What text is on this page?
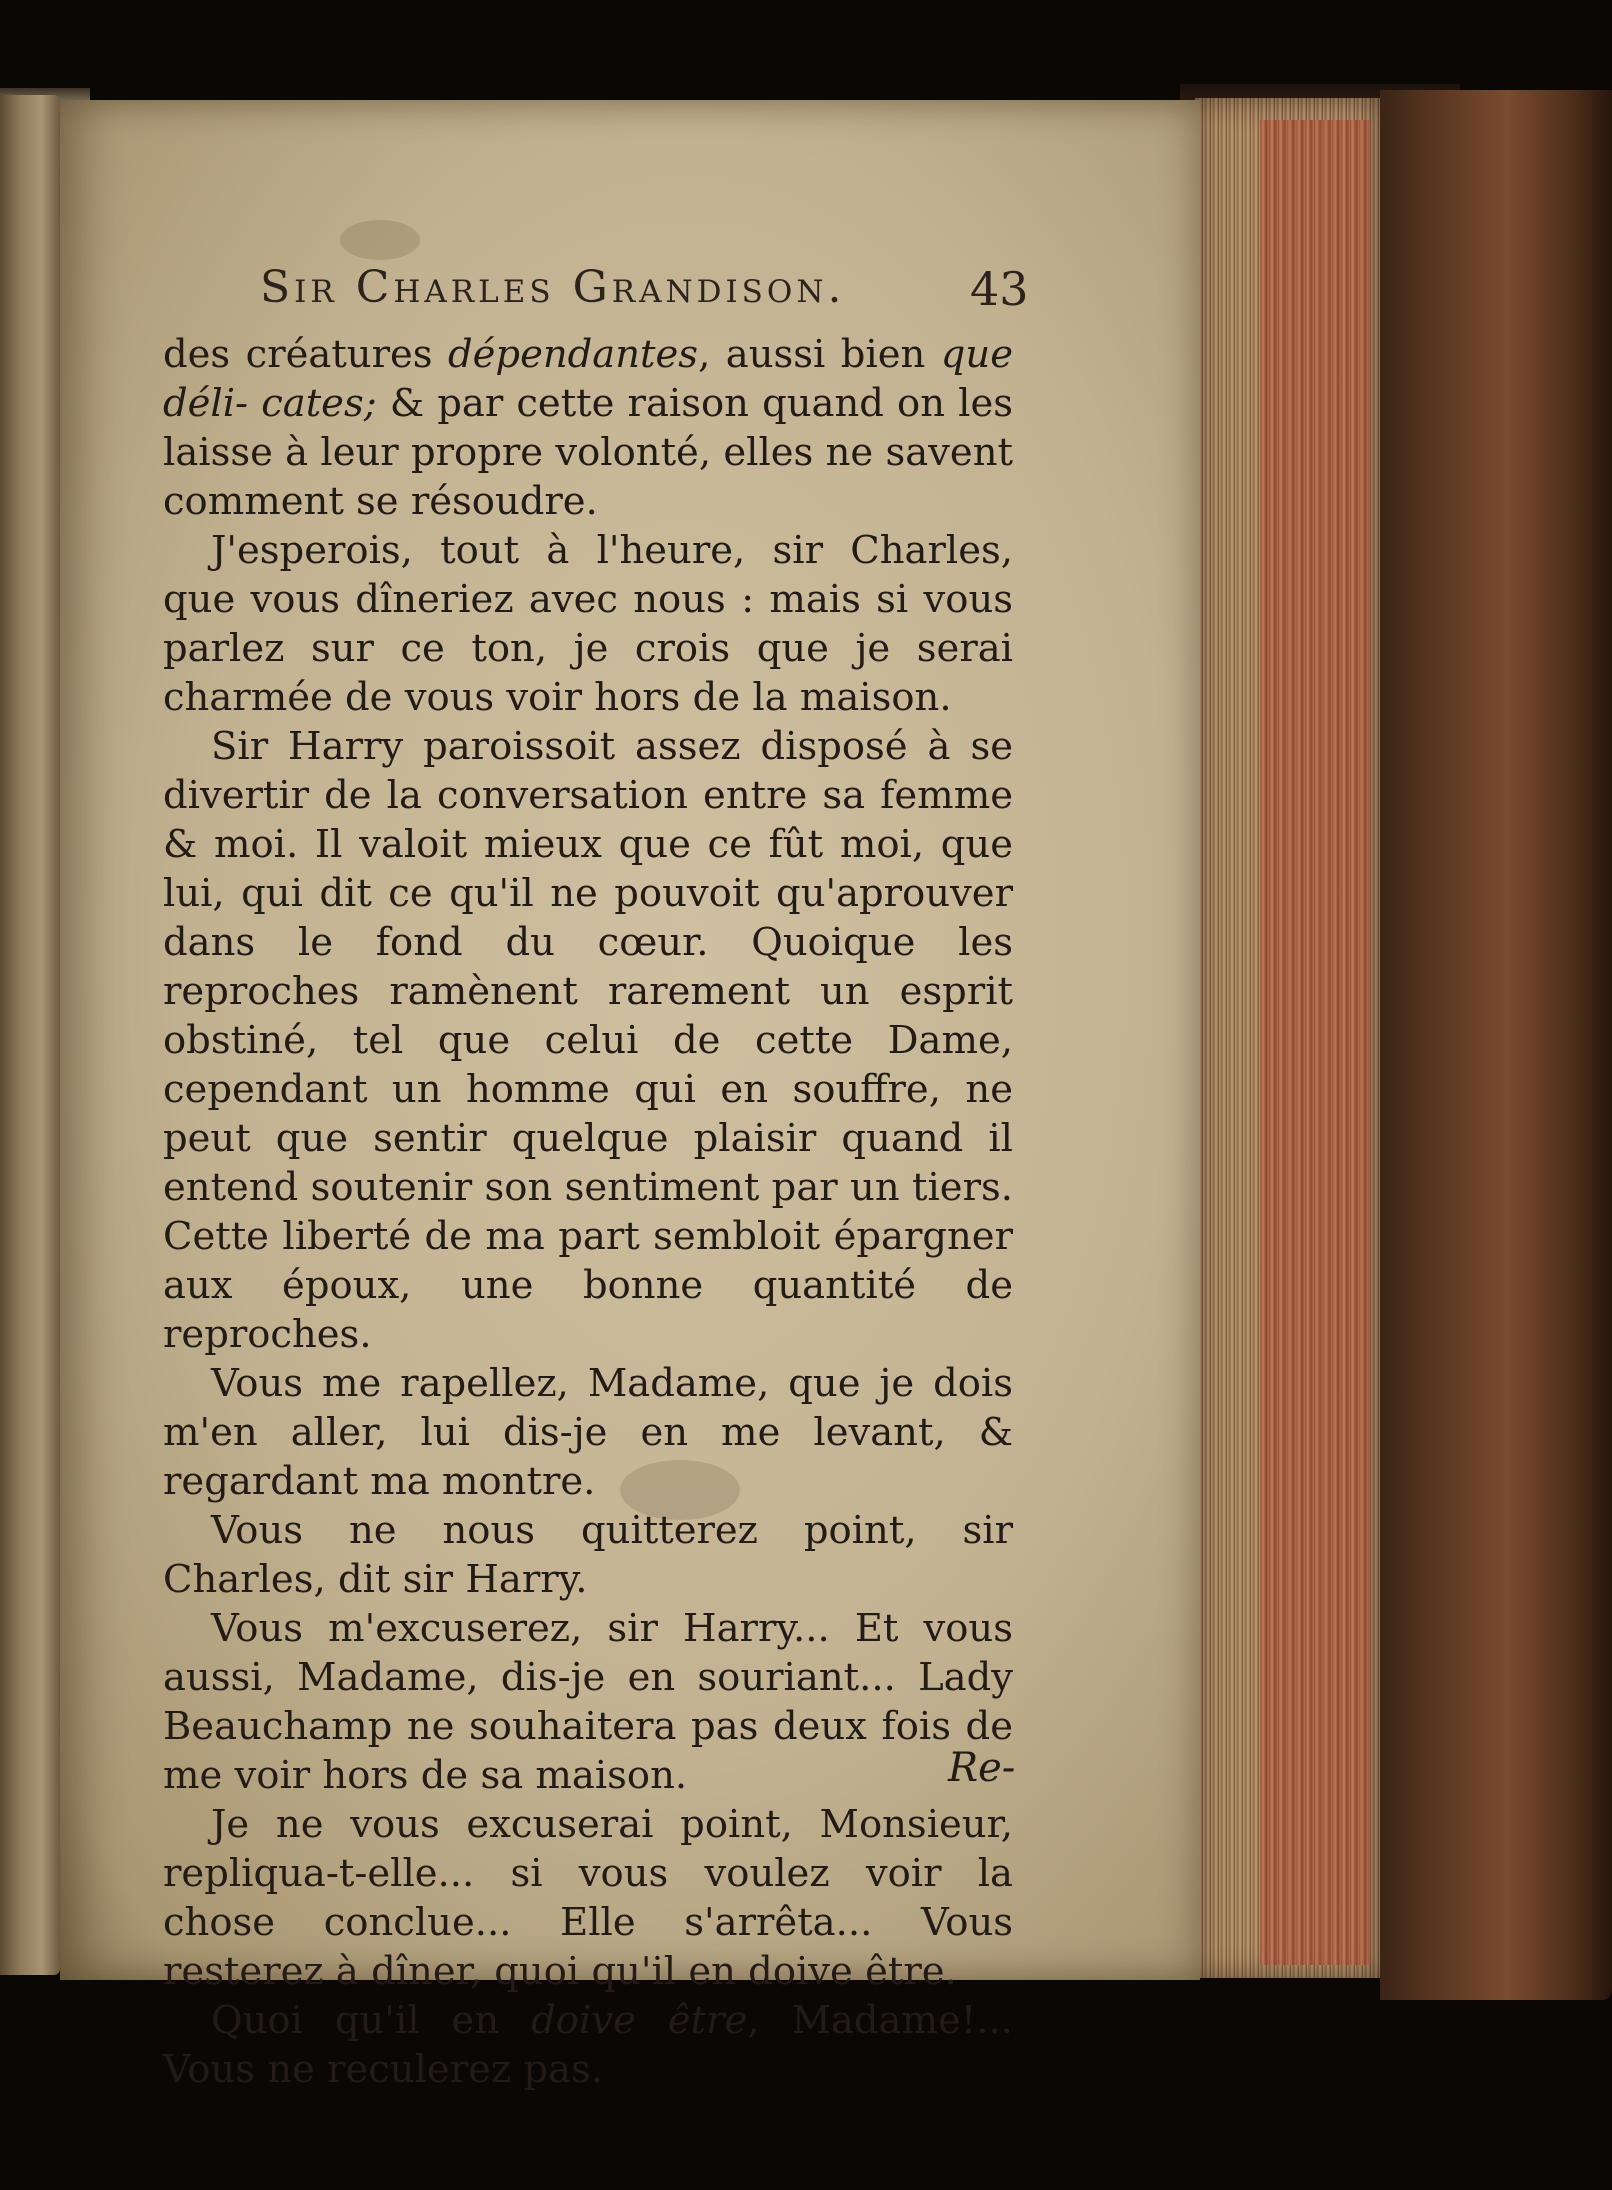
Sir Charles Grandison.	43

des créatures dépendantes, aussi bien que déli- cates; & par cette raison quand on les laisse à leur propre volonté, elles ne savent comment se résoudre.

J'esperois, tout à l'heure, sir Charles, que vous dîneriez avec nous : mais si vous parlez sur ce ton, je crois que je serai charmée de vous voir hors de la maison.

Sir Harry paroissoit assez disposé à se divertir de la conversation entre sa femme & moi. Il valoit mieux que ce fût moi, que lui, qui dit ce qu'il ne pouvoit qu'aprouver dans le fond du cœur. Quoique les reproches ramènent rarement un esprit obstiné, tel que celui de cette Dame, cependant un homme qui en souffre, ne peut que sentir quelque plaisir quand il entend soutenir son sentiment par un tiers. Cette liberté de ma part sembloit épargner aux époux, une bonne quantité de reproches.

Vous me rapellez, Madame, que je dois m'en aller, lui dis-je en me levant, & regardant ma montre.

Vous ne nous quitterez point, sir Charles, dit sir Harry.

Vous m'excuserez, sir Harry... Et vous aussi, Madame, dis-je en souriant... Lady Beauchamp ne souhaitera pas deux fois de me voir hors de sa maison.

Je ne vous excuserai point, Monsieur, repliqua-t-elle... si vous voulez voir la chose conclue... Elle s'arrêta... Vous resterez à dîner, quoi qu'il en doive être.

Quoi qu'il en doive être, Madame!... Vous ne reculerez pas.

Re-
